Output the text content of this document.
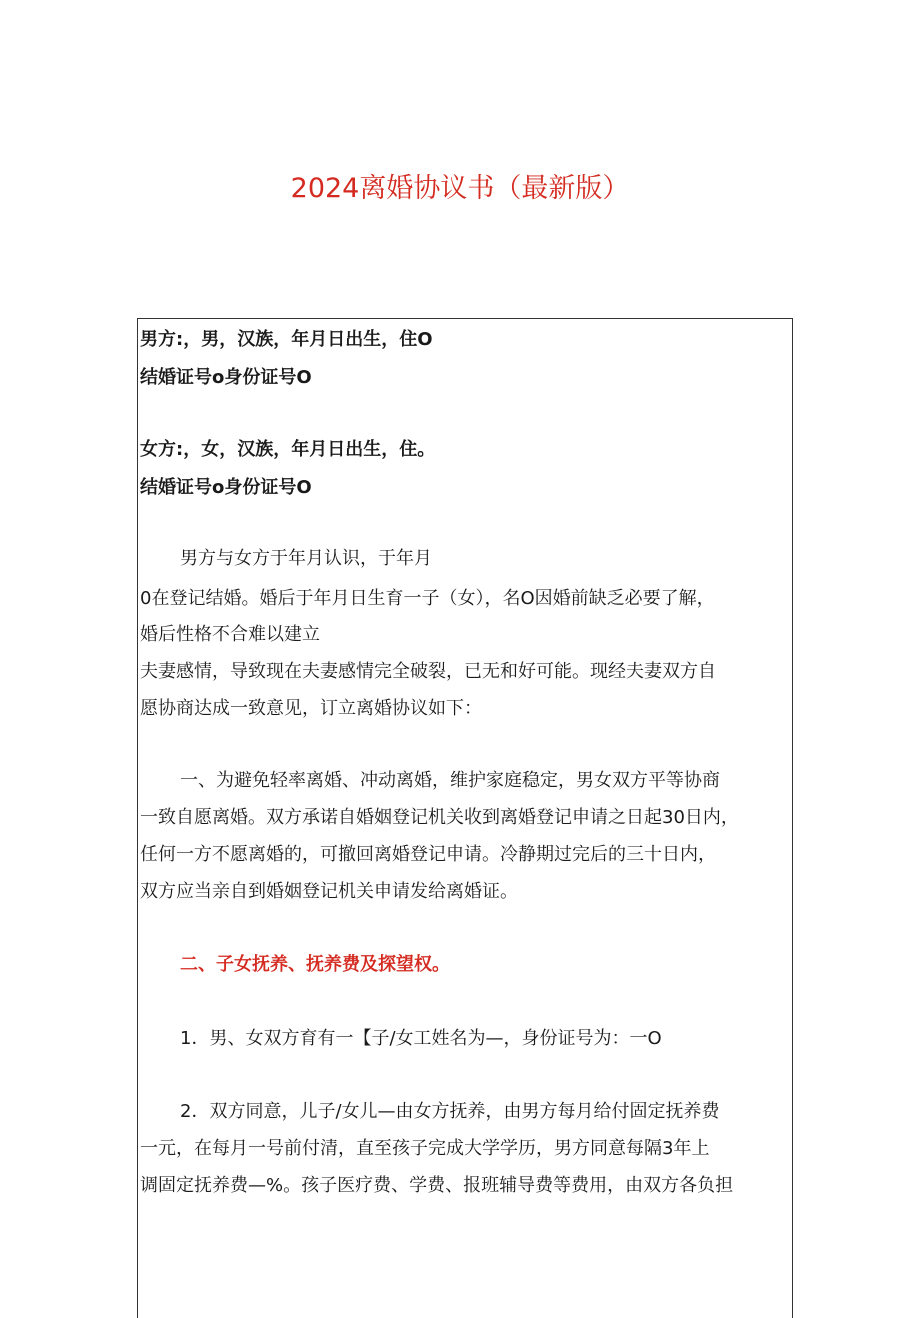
2024离婚协议书（最新版）
男方:，男，汉族，年月日出生，住O
结婚证号o身份证号O
女方:，女，汉族，年月日出生，住。
结婚证号o身份证号O
男方与女方于年月认识，于年月
0在登记结婚。婚后于年月日生育一子（女），名O因婚前缺乏必要了解，
婚后性格不合难以建立
夫妻感情，导致现在夫妻感情完全破裂，已无和好可能。现经夫妻双方自
愿协商达成一致意见，订立离婚协议如下：
一、为避免轻率离婚、冲动离婚，维护家庭稳定，男女双方平等协商
一致自愿离婚。双方承诺自婚姻登记机关收到离婚登记申请之日起30日内，
任何一方不愿离婚的，可撤回离婚登记申请。冷静期过完后的三十日内，
双方应当亲自到婚姻登记机关申请发给离婚证。
二、子女抚养、抚养费及探望权。
1．男、女双方育有一【子/女工姓名为—，身份证号为：一O
2．双方同意，儿子/女儿—由女方抚养，由男方每月给付固定抚养费
一元，在每月一号前付清，直至孩子完成大学学历，男方同意每隔3年上
调固定抚养费—%。孩子医疗费、学费、报班辅导费等费用，由双方各负担
